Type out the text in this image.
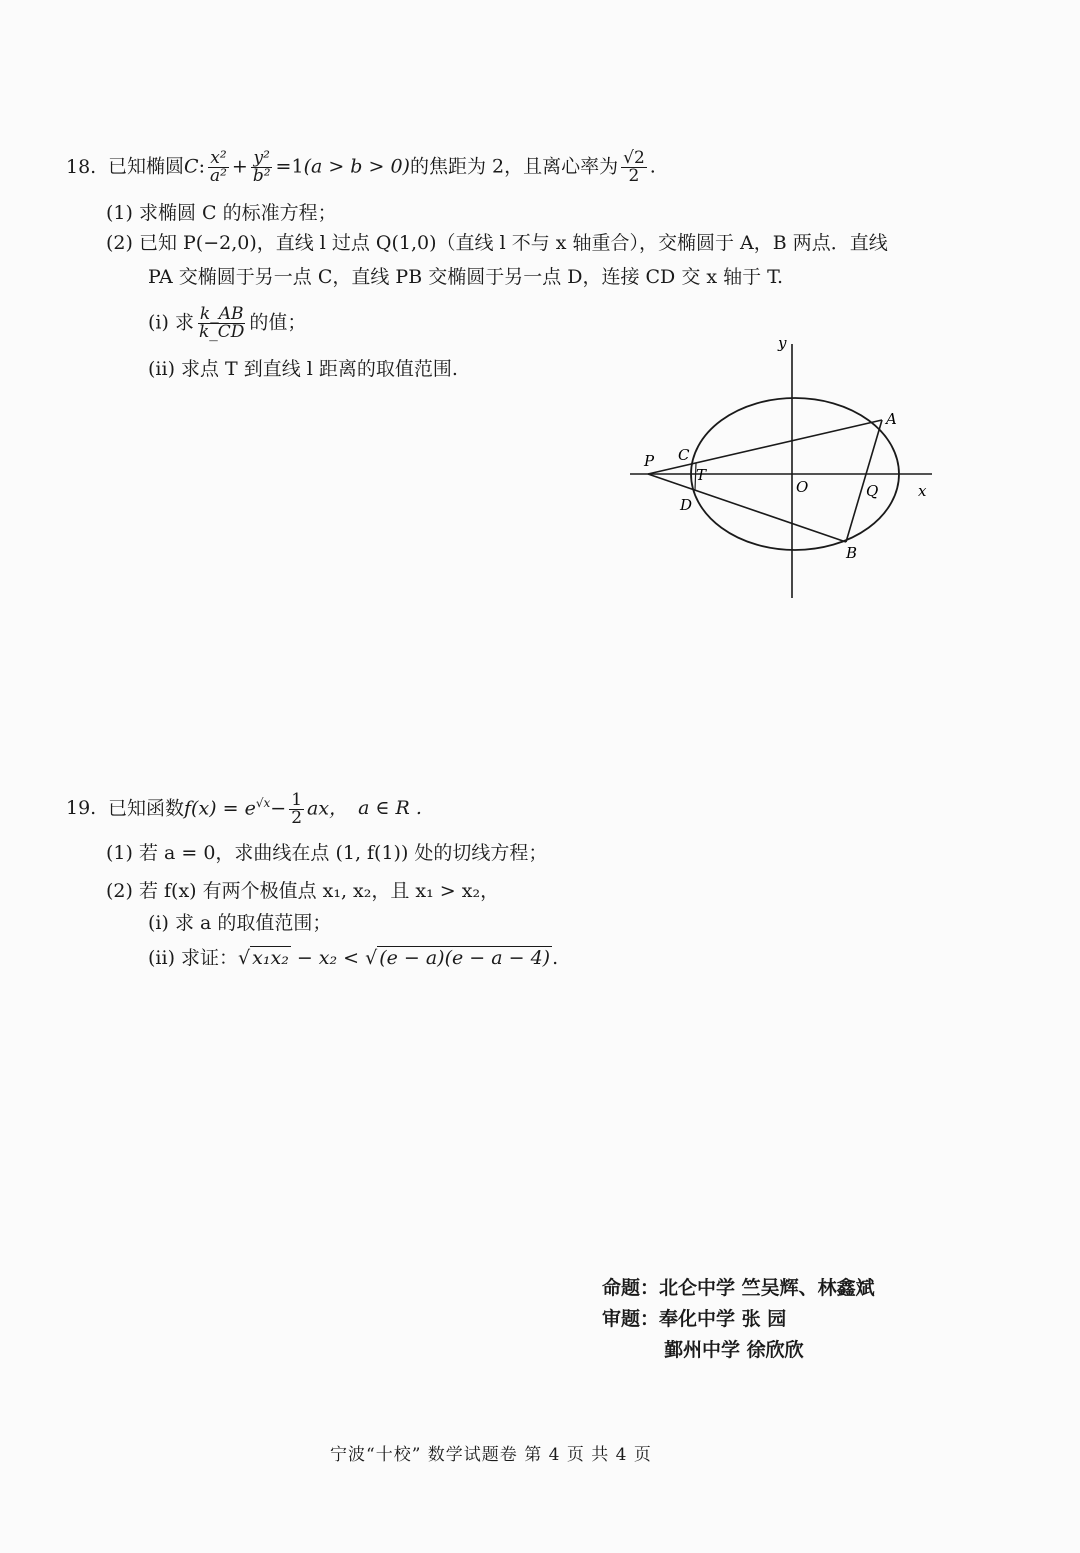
18. 已知椭圆C: $\frac{\text{x²}}{\text{a²}} + \frac{\text{y²}}{\text{b²}} =1(a > b > 0)$的焦距为 2，且离心率为 $\frac{√2}{2}$ .
(1) 求椭圆 C 的标准方程；
(2) 已知 P(−2,0)，直线 l 过点 Q(1,0)（直线 l 不与 x 轴重合），交椭圆于 A，B 两点．直线
PA 交椭圆于另一点 C，直线 PB 交椭圆于另一点 D，连接 CD 交 x 轴于 T.
(i) 求 $\frac{k\_AB}{k\_CD}$ 的值；
(ii) 求点 T 到直线 l 距离的取值范围.
y
x
O
P C
T
D
A
Q
B
19. 已知函数$f(x) = e^{√x}- \frac{1}{2}$ ax， a ∈ R .
(1) 若 a = 0，求曲线在点 (1, f(1)) 处的切线方程；
(2) 若 f(x) 有两个极值点 x₁, x₂，且 x₁ > x₂，
(i) 求 a 的取值范围；
(ii) 求证：√ x₁x₂ − x₂ < √ (e − a)(e − a − 4) .
命题：北仑中学 竺吴辉、林鑫斌
审题：奉化中学 张 园
鄞州中学 徐欣欣
宁波“十校” 数学试题卷 第 4 页 共 4 页
